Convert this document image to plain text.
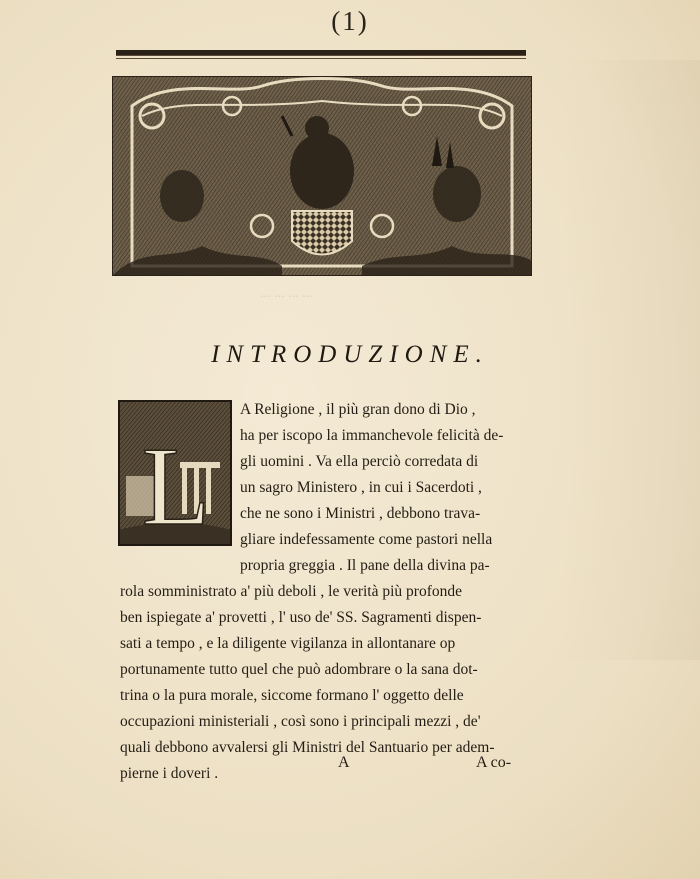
··· ··· ··· ···
(1)
INTRODUZIONE.
L
A Religione , il più gran dono di Dio ,
ha per iscopo la immanchevole felicità de-
gli uomini . Va ella perciò corredata di
un sagro Ministero , in cui i Sacerdoti ,
che ne sono i Ministri , debbono trava-
gliare indefessamente come pastori nella
propria greggia . Il pane della divina pa-
rola somministrato a' più deboli , le verità più profonde
ben ispiegate a' provetti , l' uso de' SS. Sagramenti dispen-
sati a tempo , e la diligente vigilanza in allontanare op
portunamente tutto quel che può adombrare o la sana dot-
trina o la pura morale, siccome formano l' oggetto delle
occupazioni ministeriali , così sono i principali mezzi , de'
quali debbono avvalersi gli Ministri del Santuario per adem-
pierne i doveri .
A	A co-
